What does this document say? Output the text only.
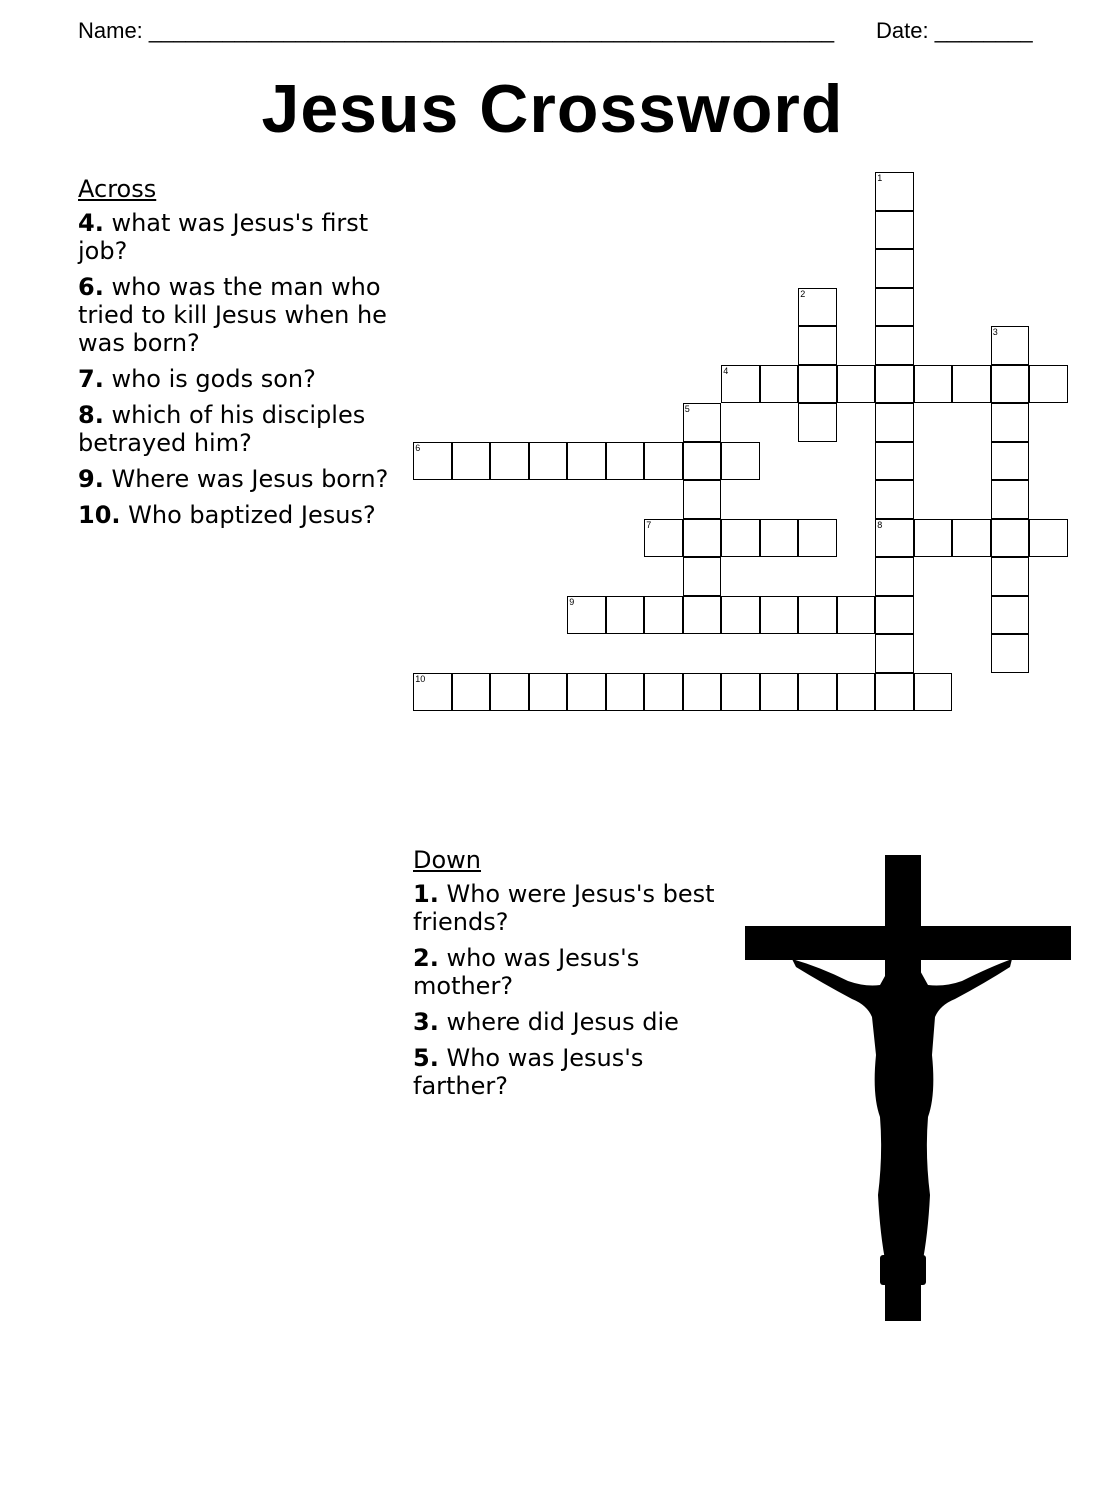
Name: ________________________________________________________ Date: ________
Jesus Crossword
Across
4. what was Jesus's first job?
6. who was the man who tried to kill Jesus when he was born?
7. who is gods son?
8. which of his disciples betrayed him?
9. Where was Jesus born?
10. Who baptized Jesus?
Down
1. Who were Jesus's best friends?
2. who was Jesus's mother?
3. where did Jesus die
5. Who was Jesus's farther?
1
8
2
3
4
5
6
7
9
10
